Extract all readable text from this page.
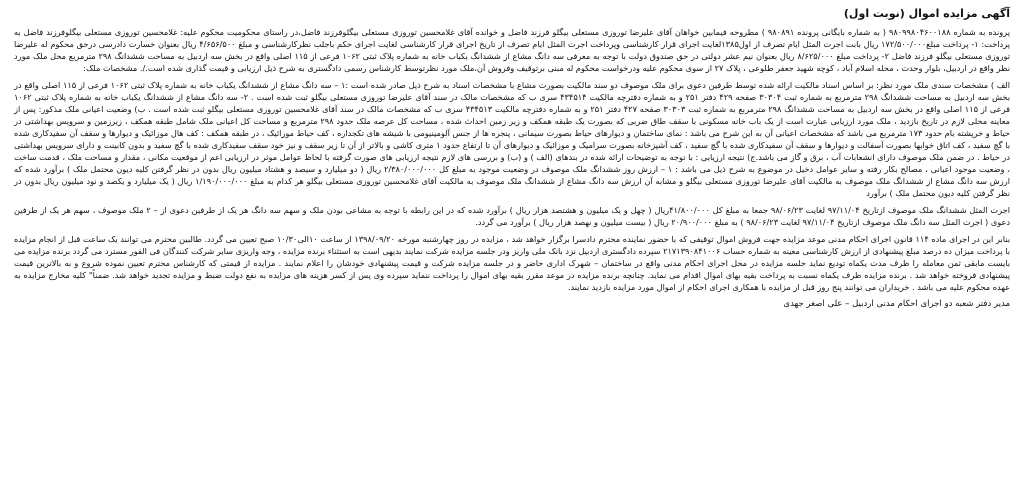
آگهی مزایده اموال (نوبت اول)

پرونده به شماره ۹۸۰۹۹۸۰۴۶۰۰۱۸۸ ( به شماره بایگانی پرونده ۹۸۰۸۹۱ ) مطروحه فیمابین خواهان آقای علیرضا توروزی مستعلی بیگلو فرزند فاضل و خوانده آقای غلامحسین توروزی مستعلی بیگلوفرزند فاضل،در راستای محکومیت محکوم علیه: غلامحسین توروزی مستعلی بیگلوفرزند فاضل به پرداخت: ۱- پرداخت مبلغ۱۷۲/۵۰۰/۰۰۰ ریال بابت اجرت المثل ایام تصرف از اول۱۳۸۵لغایت اجرای قرار کارشناسی وپرداخت اجرت المثل ایام تصرف از تاریخ اجرای قرار کارشناسی لغایت اجرای حکم باجلب نظرکارشناسی و مبلغ ۴/۶۵۶/۵۰۰ ریال بعنوان خسارت دادرسی درحق محکوم له علیرضا توروزی مستعلی بیگلو فرزند فاضل ۲- پرداخت مبلغ ۸/۶۲۵/۰۰۰ ریال بعنوان نیم عشر دولتی در حق صندوق دولت با توجه به معرفی سه دانگ مشاع از ششدانگ یکباب خانه به شماره پلاک ثبتی ۱۰۶۲ فرعی از ۱۱۵ اصلی واقع در بخش سه اردبیل به مساحت ششدانگ ۲۹۸ مترمربع محل ملک مورد نظر واقع در اردبیل، بلوار وحدت ، محله اسلام آباد ، کوچه شهید جعفر طلوعی ، پلاک ۲۷ از سوی محکوم علیه ودرخواست محکوم له مبنی برتوقیف وفروش آن،ملک مورد نظرتوسط کارشناس رسمی دادگستری به شرح ذیل ارزیابی و قیمت گذاری شده است./. مشخصات ملک:

الف ) مشخصات سندی ملک مورد نظر: بر اساس اسناد مالکیت ارائه شده توسط طرفین دعوی برای ملک موصوف دو سند مالکیت بصورت مشاع با مشخصات اسناد به شرح ذیل صادر شده است :۱ – سه دانگ مشاع از ششدانگ یکباب خانه به شماره پلاک ثبتی ۱۰۶۲ فرعی از ۱۱۵ اصلی واقع در بخش سه اردبیل به مساحت ششدانگ ۲۹۸ مترمربع به شماره ثبت ۳۰۳۰۴ صفحه ۴۲۹ دفتر ۲۵۱ و به شماره دفترچه مالکیت ۴۳۴۵۱۴ سری ب که مشخصات مالک در سند آقای علیرضا توروزی مستعلی بیگلو ثبت شده است . ۲- سه دانگ مشاع از ششدانگ یکباب خانه به شماره پلاک ثبتی ۱۰۶۲ فرعی از ۱۱۵ اصلی واقع در بخش سه اردبیل به مساحت ششدانگ ۲۹۸ مترمربع به شماره ثبت ۳۰۳۰۳ صفحه ۴۲۷ دفتر ۲۵۱ و به شماره دفترچه مالکیت ۴۳۴۵۱۳ سری ب که مشخصات مالک در سند آقای غلامحسین توروزی مستعلی بیگلو ثبت شده است . ب) وضعیت اعیانی ملک مذکور: پس از معاینه محلی لازم در تاریخ بازدید ، ملک مورد ارزیابی عبارت است از یک باب خانه مسکونی با سقف طاق ضربی که بصورت یک طبقه همکف و زیر زمین احداث شده ، مساحت کل عرصه ملک حدود ۲۹۸ مترمربع و مساحت کل اعیانی ملک شامل طبقه همکف ، زیرزمین و سرویس بهداشتی در حیاط و خرپشته بام حدود ۱۷۳ مترمربع می باشد که مشخصات اعیانی آن به این شرح می باشد : نمای ساختمان و دیوارهای حیاط بصورت سیمانی ، پنجره ها از جنس آلومینیومی با شیشه های تکجداره ، کف حیاط موزائیک ، در طبقه همکف : کف هال موزائیک و دیوارها و سقف آن سفیدکاری شده با گچ سفید ، کف اتاق خوابها بصورت آسفالت و دیوارها و سقف آن سفیدکاری شده با گچ سفید ، کف آشپزخانه بصورت سرامیک و موزائیک و دیوارهای آن تا ارتفاع حدود ۱ متری کاشی و بالاتر از آن تا زیر سقف و نیز خود سقف سفیدکاری شده با گچ سفید و بدون کابینت و دارای سرویس بهداشتی در حیاط . در ضمن ملک موصوف دارای انشعابات آب ، برق و گاز می باشد.ج) نتیجه ارزیابی : با توجه به توضیحات ارائه شده در بندهای (الف ) و (ب) و بررسی های لازم نتیجه ارزیابی های صورت گرفته با لحاظ عوامل موثر در ارزیابی اعم از موقعیت مکانی ، مقدار و مساحت ملک ، قدمت ساخت ، وضعیت موجود اعیانی ، مصالح بکار رفته و سایر عوامل دخیل در موضوع به شرح ذیل می باشد : ۱ – ارزش روز ششدانگ ملک موصوف در وضعیت موجود به مبلغ کل ۲/۳۸۰/۰۰۰/۰۰۰ ریال ( دو میلیارد و سیصد و هشتاد میلیون ریال بدون در نظر گرفتن کلیه دیون محتمل ملک ) برآورد شده که ارزش سه دانگ مشاع از ششدانگ ملک موصوف به مالکیت آقای علیرضا توروزی مستعلی بیگلو و مشابه آن ارزش سه دانگ مشاع از ششدانگ ملک موصوف به مالکیت آقای غلامحسین توروزی مستعلی بیگلو هر کدام به مبلغ ۱/۱۹۰/۰۰۰/۰۰۰ ریال ( یک میلیارد و یکصد و نود میلیون ریال بدون در نظر گرفتن کلیه دیون محتمل ملک ) برآورد

اجرت المثل ششدانگ ملک موصوف ازتاریخ ۹۷/۱۱/۰۴ لغایت ۹۸/۰۶/۲۳ جمعا به مبلغ کل ۴۱/۸۰۰/۰۰۰ریال ( چهل و یک میلیون و هشتصد هزار ریال ) برآورد شده که در این رابطه با توجه به مشاعی بودن ملک و سهم سه دانگ هر یک از طرفین دعوی از – ۲ ملک موصوف ، سهم هر یک از طرفین دعوی ( اجرت المثل سه دانگ ملک موصوف ازتاریخ ۹۷/۱۱/۰۴ لغایت ۹۸/۰۶/۲۳ ) به مبلغ ۲۰/۹۰۰/۰۰۰ ریال ( بیست میلیون و نهصد هزار ریال ) برآورد می گردد.

بنابر این در اجرای ماده ۱۱۴ قانون اجرای احکام مدنی موعد مزایده جهت فروش اموال توقیفی که با حضور نماینده محترم دادسرا برگزار خواهد شد ، مزایده در روز چهارشنبه مورخه ۱۳۹۸/۰۹/۲۰ از ساعت ۱۰الی۱۰/۳۰ صبح تعیین می گردد. طالبین محترم می توانند یک ساعت قبل از انجام مزایده با پرداخت میزان ده درصد مبلغ پیشنهادی از ارزش کارشناسی معینه به شماره حساب ۲۱۷۱۳۹۰۸۴۱۰۰۶ سپرده دادگستری اردبیل نزد بانک ملی واریز ودر جلسه مزایده شرکت نمایند بدیهی است به استثناء برنده مزایده ، وجه واریزی سایر شرکت کنندگان فی الفور مسترد می گردد برنده مزایده می بایست مابقی ثمن معامله را ظرف مدت یکماه تودیع نماید جلسه مزایده در محل اجرای احکام مدنی واقع در ساختمان – شهرک اداری حاضر و در جلسه مزایده شرکت و قیمت پیشنهادی خودشان را اعلام نمایند . مزایده از قیمتی که کارشناس محترم تعیین نموده شروع و به بالاترین قیمت پیشنهادی فروخته خواهد شد . برنده مزایده ظرف یکماه نسبت به پرداخت بقیه بهای اموال اقدام می نماید. چنانچه برنده مزایده در موعد مقرر بقیه بهای اموال را پرداخت ننماید سپرده وی پس از کسر هزینه های مزایده به نفع دولت ضبط و مزایده تجدید خواهد شد. ضمناً" کلیه مخارج مزایده به عهده محکوم علیه می باشد . خریداران می توانند پنج روز قبل از مزایده با همکاری اجرای احکام از اموال مورد مزایده بازدید نمایند.

مدیر دفتر شعبه دو اجرای احکام مدنی اردبیل – علی اصغر جهدی
